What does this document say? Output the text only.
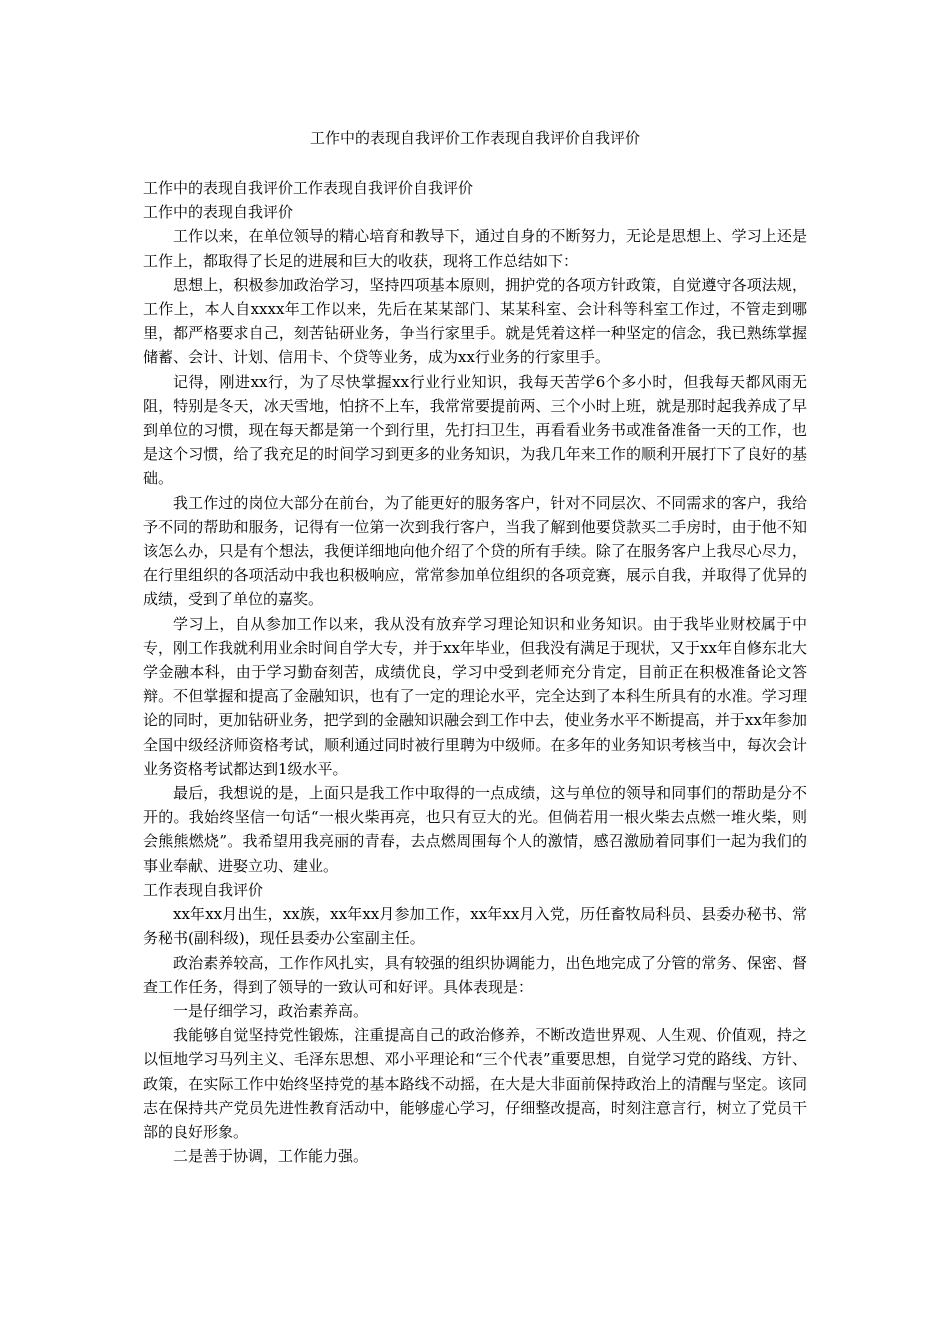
工作中的表现自我评价工作表现自我评价自我评价

工作中的表现自我评价工作表现自我评价自我评价

工作中的表现自我评价

工作以来，在单位领导的精心培育和教导下，通过自身的不断努力，无论是思想上、学习上还是工作上，都取得了长足的进展和巨大的收获，现将工作总结如下：

思想上，积极参加政治学习，坚持四项基本原则，拥护党的各项方针政策，自觉遵守各项法规，工作上，本人自xxxx年工作以来，先后在某某部门、某某科室、会计科等科室工作过，不管走到哪里，都严格要求自己，刻苦钻研业务，争当行家里手。就是凭着这样一种坚定的信念，我已熟练掌握储蓄、会计、计划、信用卡、个贷等业务，成为xx行业务的行家里手。

记得，刚进xx行，为了尽快掌握xx行业行业知识，我每天苦学6个多小时，但我每天都风雨无阻，特别是冬天，冰天雪地，怕挤不上车，我常常要提前两、三个小时上班，就是那时起我养成了早到单位的习惯，现在每天都是第一个到行里，先打扫卫生，再看看业务书或准备准备一天的工作，也是这个习惯，给了我充足的时间学习到更多的业务知识，为我几年来工作的顺利开展打下了良好的基础。

我工作过的岗位大部分在前台，为了能更好的服务客户，针对不同层次、不同需求的客户，我给予不同的帮助和服务，记得有一位第一次到我行客户，当我了解到他要贷款买二手房时，由于他不知该怎么办，只是有个想法，我便详细地向他介绍了个贷的所有手续。除了在服务客户上我尽心尽力，在行里组织的各项活动中我也积极响应，常常参加单位组织的各项竞赛，展示自我，并取得了优异的成绩，受到了单位的嘉奖。

学习上，自从参加工作以来，我从没有放弃学习理论知识和业务知识。由于我毕业财校属于中专，刚工作我就利用业余时间自学大专，并于xx年毕业，但我没有满足于现状，又于xx年自修东北大学金融本科，由于学习勤奋刻苦，成绩优良，学习中受到老师充分肯定，目前正在积极准备论文答辩。不但掌握和提高了金融知识，也有了一定的理论水平，完全达到了本科生所具有的水准。学习理论的同时，更加钻研业务，把学到的金融知识融会到工作中去，使业务水平不断提高，并于xx年参加全国中级经济师资格考试，顺利通过同时被行里聘为中级师。在多年的业务知识考核当中，每次会计业务资格考试都达到1级水平。

最后，我想说的是，上面只是我工作中取得的一点成绩，这与单位的领导和同事们的帮助是分不开的。我始终坚信一句话“一根火柴再亮，也只有豆大的光。但倘若用一根火柴去点燃一堆火柴，则会熊熊燃烧”。我希望用我亮丽的青春，去点燃周围每个人的激情，感召激励着同事们一起为我们的事业奉献、进娶立功、建业。

工作表现自我评价

xx年xx月出生，xx族，xx年xx月参加工作，xx年xx月入党，历任畜牧局科员、县委办秘书、常务秘书(副科级)，现任县委办公室副主任。

政治素养较高，工作作风扎实，具有较强的组织协调能力，出色地完成了分管的常务、保密、督查工作任务，得到了领导的一致认可和好评。具体表现是：

一是仔细学习，政治素养高。

我能够自觉坚持党性锻炼，注重提高自己的政治修养，不断改造世界观、人生观、价值观，持之以恒地学习马列主义、毛泽东思想、邓小平理论和“三个代表”重要思想，自觉学习党的路线、方针、政策，在实际工作中始终坚持党的基本路线不动摇，在大是大非面前保持政治上的清醒与坚定。该同志在保持共产党员先进性教育活动中，能够虚心学习，仔细整改提高，时刻注意言行，树立了党员干部的良好形象。

二是善于协调，工作能力强。
